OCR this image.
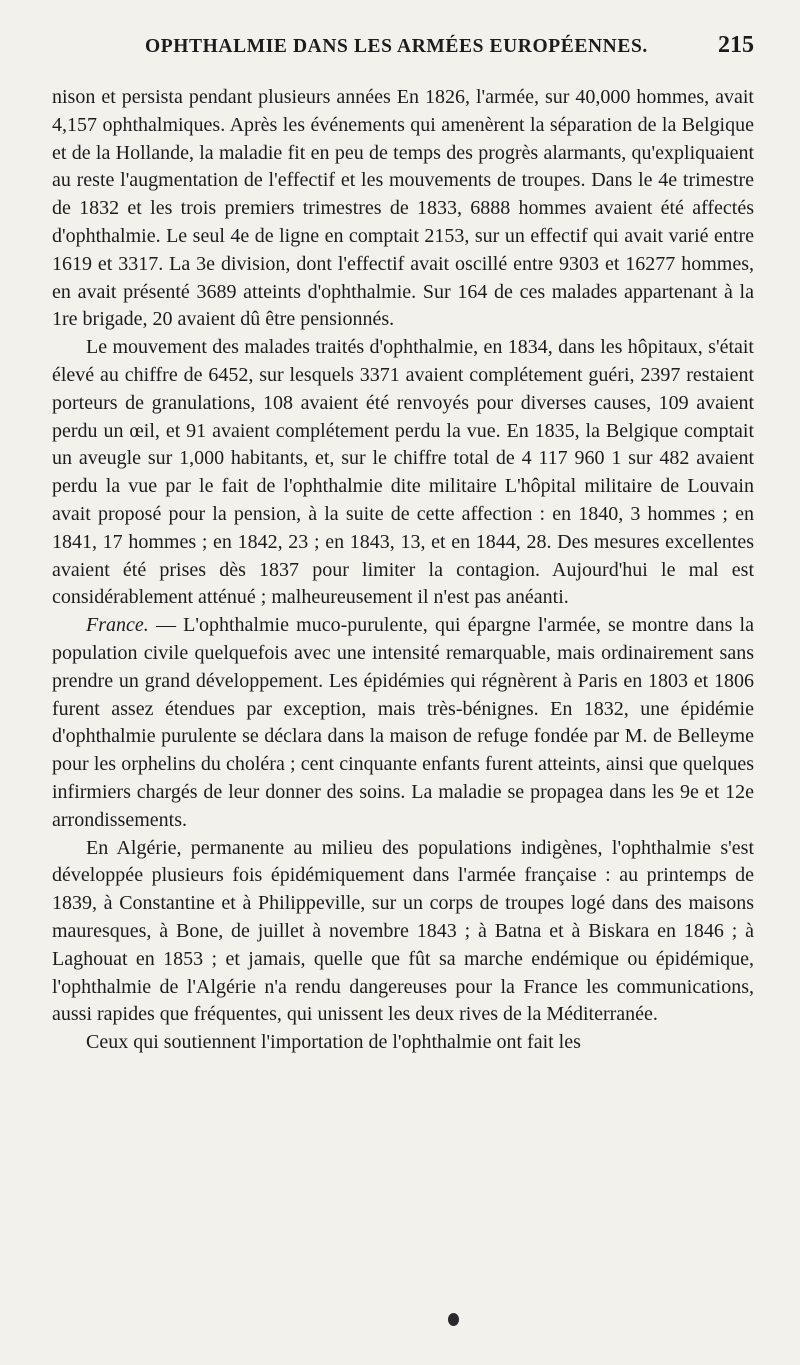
OPHTHALMIE DANS LES ARMÉES EUROPÉENNES.	215

nison et persista pendant plusieurs années En 1826, l'armée, sur 40,000 hommes, avait 4,157 ophthalmiques. Après les événements qui amenèrent la séparation de la Belgique et de la Hollande, la maladie fit en peu de temps des progrès alarmants, qu'expliquaient au reste l'augmentation de l'effectif et les mouvements de troupes. Dans le 4e trimestre de 1832 et les trois premiers trimestres de 1833, 6888 hommes avaient été affectés d'ophthalmie. Le seul 4e de ligne en comptait 2153, sur un effectif qui avait varié entre 1619 et 3317. La 3e division, dont l'effectif avait oscillé entre 9303 et 16277 hommes, en avait présenté 3689 atteints d'ophthalmie. Sur 164 de ces malades appartenant à la 1re brigade, 20 avaient dû être pensionnés.

Le mouvement des malades traités d'ophthalmie, en 1834, dans les hôpitaux, s'était élevé au chiffre de 6452, sur lesquels 3371 avaient complétement guéri, 2397 restaient porteurs de granulations, 108 avaient été renvoyés pour diverses causes, 109 avaient perdu un œil, et 91 avaient complétement perdu la vue. En 1835, la Belgique comptait un aveugle sur 1,000 habitants, et, sur le chiffre total de 4 117 960 1 sur 482 avaient perdu la vue par le fait de l'ophthalmie dite militaire L'hôpital militaire de Louvain avait proposé pour la pension, à la suite de cette affection : en 1840, 3 hommes ; en 1841, 17 hommes ; en 1842, 23 ; en 1843, 13, et en 1844, 28. Des mesures excellentes avaient été prises dès 1837 pour limiter la contagion. Aujourd'hui le mal est considérablement atténué ; malheureusement il n'est pas anéanti.

France. — L'ophthalmie muco-purulente, qui épargne l'armée, se montre dans la population civile quelquefois avec une intensité remarquable, mais ordinairement sans prendre un grand développement. Les épidémies qui régnèrent à Paris en 1803 et 1806 furent assez étendues par exception, mais très-bénignes. En 1832, une épidémie d'ophthalmie purulente se déclara dans la maison de refuge fondée par M. de Belleyme pour les orphelins du choléra ; cent cinquante enfants furent atteints, ainsi que quelques infirmiers chargés de leur donner des soins. La maladie se propagea dans les 9e et 12e arrondissements.

En Algérie, permanente au milieu des populations indigènes, l'ophthalmie s'est développée plusieurs fois épidémiquement dans l'armée française : au printemps de 1839, à Constantine et à Philippeville, sur un corps de troupes logé dans des maisons mauresques, à Bone, de juillet à novembre 1843 ; à Batna et à Biskara en 1846 ; à Laghouat en 1853 ; et jamais, quelle que fût sa marche endémique ou épidémique, l'ophthalmie de l'Algérie n'a rendu dangereuses pour la France les communications, aussi rapides que fréquentes, qui unissent les deux rives de la Méditerranée.

Ceux qui soutiennent l'importation de l'ophthalmie ont fait les
